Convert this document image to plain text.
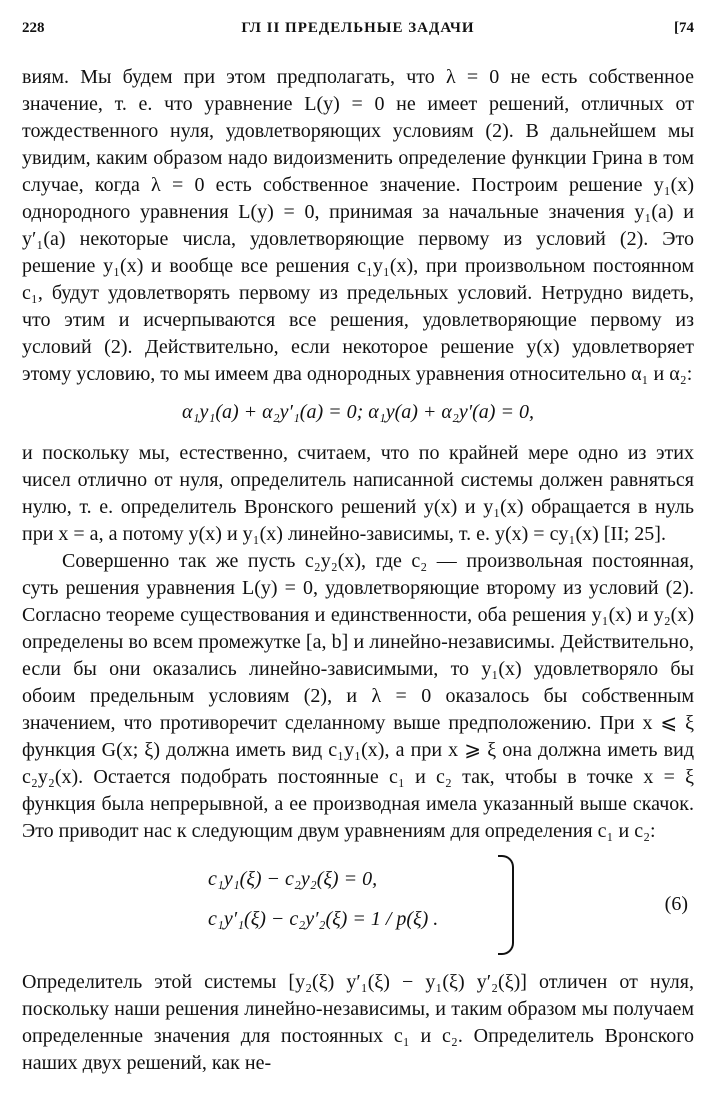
228	ГЛ II ПРЕДЕЛЬНЫЕ ЗАДАЧИ	[74

виям. Мы будем при этом предполагать, что λ = 0 не есть собственное значение, т. е. что уравнение L(y) = 0 не имеет решений, отличных от тождественного нуля, удовлетворяющих условиям (2). В дальнейшем мы увидим, каким образом надо видоизменить определение функции Грина в том случае, когда λ = 0 есть собственное значение. Построим решение y₁(x) однородного уравнения L(y) = 0, принимая за начальные значения y₁(a) и y′₁(a) некоторые числа, удовлетворяющие первому из условий (2). Это решение y₁(x) и вообще все решения c₁y₁(x), при произвольном постоянном c₁, будут удовлетворять первому из предельных условий. Нетрудно видеть, что этим и исчерпываются все решения, удовлетворяющие первому из условий (2). Действительно, если некоторое решение y(x) удовлетворяет этому условию, то мы имеем два однородных уравнения относительно α₁ и α₂:

α₁y₁(a) + α₂y′₁(a) = 0; α₁y(a) + α₂y′(a) = 0,

и поскольку мы, естественно, считаем, что по крайней мере одно из этих чисел отлично от нуля, определитель написанной системы должен равняться нулю, т. е. определитель Вронского решений y(x) и y₁(x) обращается в нуль при x = a, а потому y(x) и y₁(x) линейно-зависимы, т. е. y(x) = cy₁(x) [II; 25].

Совершенно так же пусть c₂y₂(x), где c₂ — произвольная постоянная, суть решения уравнения L(y) = 0, удовлетворяющие второму из условий (2). Согласно теореме существования и единственности, оба решения y₁(x) и y₂(x) определены во всем промежутке [a, b] и линейно-независимы. Действительно, если бы они оказались линейно-зависимыми, то y₁(x) удовлетворяло бы обоим предельным условиям (2), и λ = 0 оказалось бы собственным значением, что противоречит сделанному выше предположению. При x ⩽ ξ функция G(x; ξ) должна иметь вид c₁y₁(x), а при x ⩾ ξ она должна иметь вид c₂y₂(x). Остается подобрать постоянные c₁ и c₂ так, чтобы в точке x = ξ функция была непрерывной, а ее производная имела указанный выше скачок. Это приводит нас к следующим двум уравнениям для определения c₁ и c₂:

c₁y₁(ξ) − c₂y₂(ξ) = 0,
c₁y′₁(ξ) − c₂y′₂(ξ) = 1 / p(ξ) .
(6)

Определитель этой системы [y₂(ξ) y′₁(ξ) − y₁(ξ) y′₂(ξ)] отличен от нуля, поскольку наши решения линейно-независимы, и таким образом мы получаем определенные значения для постоянных c₁ и c₂. Определитель Вронского наших двух решений, как не-
